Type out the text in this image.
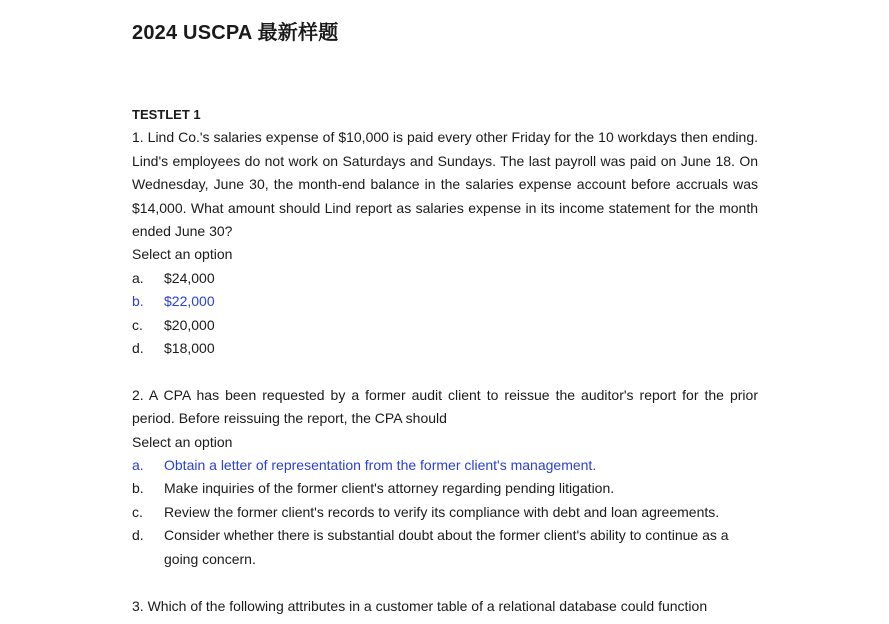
2024 USCPA 最新样题
TESTLET 1
1. Lind Co.'s salaries expense of $10,000 is paid every other Friday for the 10 workdays then ending. Lind's employees do not work on Saturdays and Sundays. The last payroll was paid on June 18. On Wednesday, June 30, the month-end balance in the salaries expense account before accruals was $14,000. What amount should Lind report as salaries expense in its income statement for the month ended June 30?
Select an option
a.	$24,000
b.	$22,000
c.	$20,000
d.	$18,000
2. A CPA has been requested by a former audit client to reissue the auditor's report for the prior period. Before reissuing the report, the CPA should
Select an option
a.	Obtain a letter of representation from the former client's management.
b.	Make inquiries of the former client's attorney regarding pending litigation.
c.	Review the former client's records to verify its compliance with debt and loan agreements.
d.	Consider whether there is substantial doubt about the former client's ability to continue as a going concern.
3. Which of the following attributes in a customer table of a relational database could function
